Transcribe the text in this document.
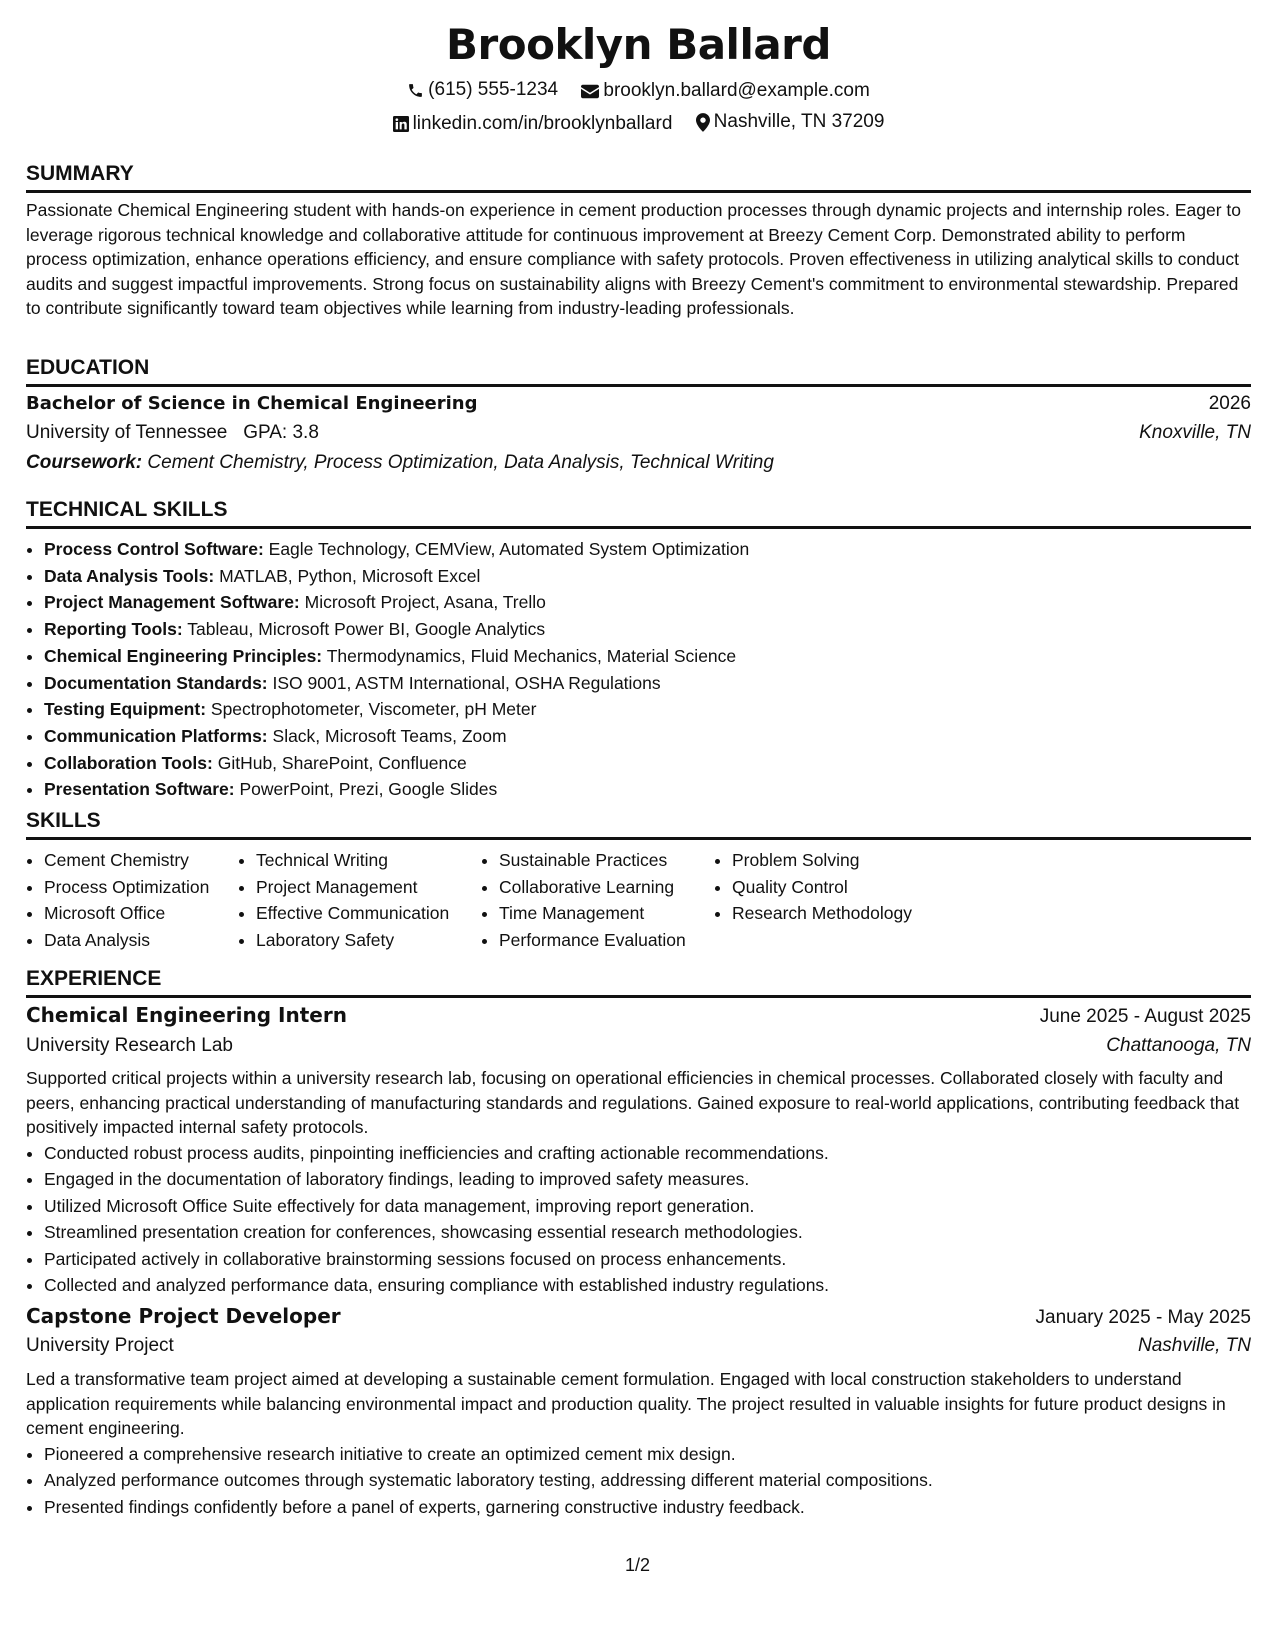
Brooklyn Ballard
(615) 555-1234
brooklyn.ballard@example.com
linkedin.com/in/brooklynballard
Nashville, TN 37209
SUMMARY

Passionate Chemical Engineering student with hands-on experience in cement production processes through dynamic projects and internship roles. Eager to leverage rigorous technical knowledge and collaborative attitude for continuous improvement at Breezy Cement Corp. Demonstrated ability to perform process optimization, enhance operations efficiency, and ensure compliance with safety protocols. Proven effectiveness in utilizing analytical skills to conduct audits and suggest impactful improvements. Strong focus on sustainability aligns with Breezy Cement's commitment to environmental stewardship. Prepared to contribute significantly toward team objectives while learning from industry-leading professionals.

EDUCATION
Bachelor of Science in Chemical Engineering	2026
University of Tennessee GPA: 3.8	Knoxville, TN
Coursework: Cement Chemistry, Process Optimization, Data Analysis, Technical Writing
TECHNICAL SKILLS
• Process Control Software: Eagle Technology, CEMView, Automated System Optimization
• Data Analysis Tools: MATLAB, Python, Microsoft Excel
• Project Management Software: Microsoft Project, Asana, Trello
• Reporting Tools: Tableau, Microsoft Power BI, Google Analytics
• Chemical Engineering Principles: Thermodynamics, Fluid Mechanics, Material Science
• Documentation Standards: ISO 9001, ASTM International, OSHA Regulations
• Testing Equipment: Spectrophotometer, Viscometer, pH Meter
• Communication Platforms: Slack, Microsoft Teams, Zoom
• Collaboration Tools: GitHub, SharePoint, Confluence
• Presentation Software: PowerPoint, Prezi, Google Slides
SKILLS
• Cement Chemistry
• Process Optimization
• Microsoft Office
• Data Analysis
• Technical Writing
• Project Management
• Effective Communication
• Laboratory Safety
• Sustainable Practices
• Collaborative Learning
• Time Management
• Performance Evaluation
• Problem Solving
• Quality Control
• Research Methodology
EXPERIENCE
Chemical Engineering Intern	June 2025 - August 2025
University Research Lab	Chattanooga, TN

Supported critical projects within a university research lab, focusing on operational efficiencies in chemical processes. Collaborated closely with faculty and peers, enhancing practical understanding of manufacturing standards and regulations. Gained exposure to real-world applications, contributing feedback that positively impacted internal safety protocols.

• Conducted robust process audits, pinpointing inefficiencies and crafting actionable recommendations.
• Engaged in the documentation of laboratory findings, leading to improved safety measures.
• Utilized Microsoft Office Suite effectively for data management, improving report generation.
• Streamlined presentation creation for conferences, showcasing essential research methodologies.
• Participated actively in collaborative brainstorming sessions focused on process enhancements.
• Collected and analyzed performance data, ensuring compliance with established industry regulations.
Capstone Project Developer	January 2025 - May 2025
University Project	Nashville, TN

Led a transformative team project aimed at developing a sustainable cement formulation. Engaged with local construction stakeholders to understand application requirements while balancing environmental impact and production quality. The project resulted in valuable insights for future product designs in cement engineering.

• Pioneered a comprehensive research initiative to create an optimized cement mix design.
• Analyzed performance outcomes through systematic laboratory testing, addressing different material compositions.
• Presented findings confidently before a panel of experts, garnering constructive industry feedback.
1/2
